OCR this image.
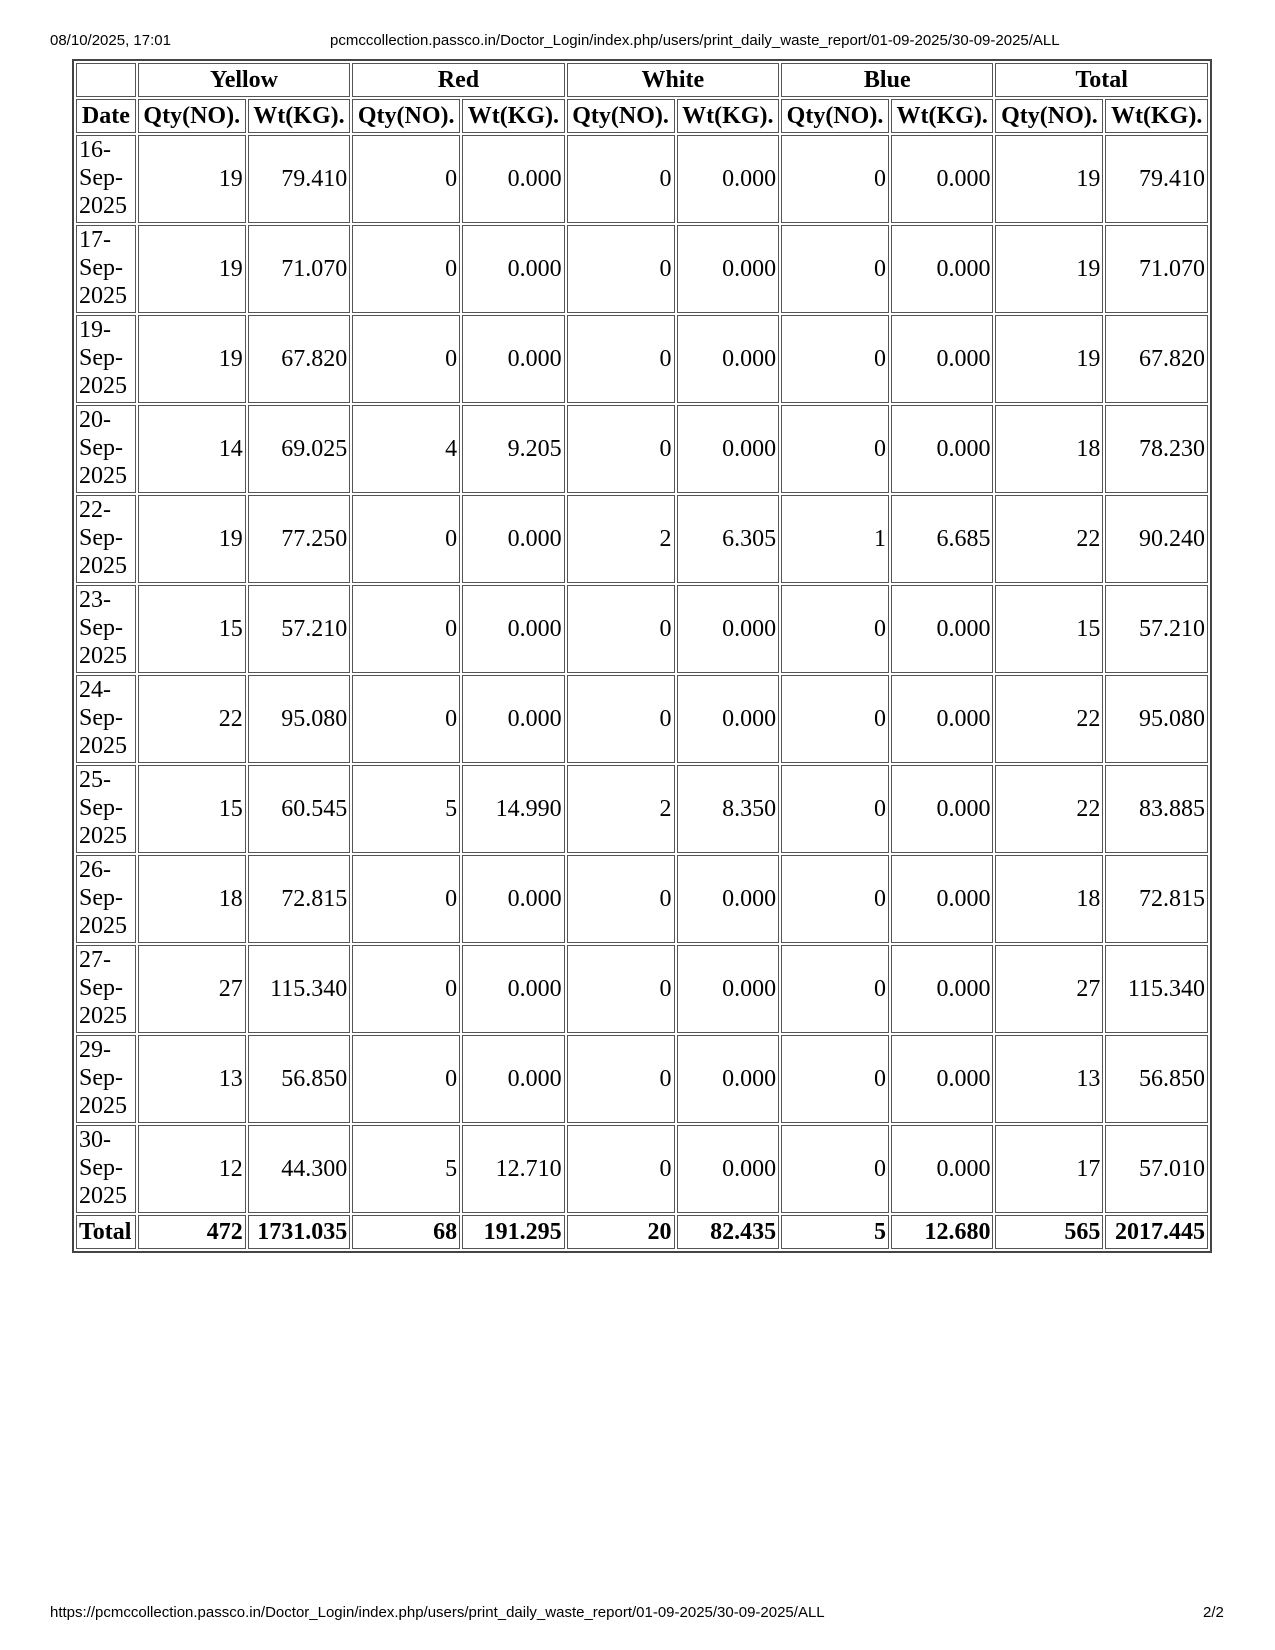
08/10/2025, 17:01	pcmccollection.passco.in/Doctor_Login/index.php/users/print_daily_waste_report/01-09-2025/30-09-2025/ALL
	Yellow		Red		White		Blue		Total	
Date	Qty(NO).	Wt(KG).	Qty(NO).	Wt(KG).	Qty(NO).	Wt(KG).	Qty(NO).	Wt(KG).	Qty(NO).	Wt(KG).

16-
Sep-
2025	19	79.410	0	0.000	0	0.000	0	0.000	19	79.410

17-
Sep-
2025	19	71.070	0	0.000	0	0.000	0	0.000	19	71.070

19-
Sep-
2025	19	67.820	0	0.000	0	0.000	0	0.000	19	67.820

20-
Sep-
2025	14	69.025	4	9.205	0	0.000	0	0.000	18	78.230

22-
Sep-
2025	19	77.250	0	0.000	2	6.305	1	6.685	22	90.240

23-
Sep-
2025	15	57.210	0	0.000	0	0.000	0	0.000	15	57.210

24-
Sep-
2025	22	95.080	0	0.000	0	0.000	0	0.000	22	95.080

25-
Sep-
2025	15	60.545	5	14.990	2	8.350	0	0.000	22	83.885

26-
Sep-
2025	18	72.815	0	0.000	0	0.000	0	0.000	18	72.815

27-
Sep-
2025	27	115.340	0	0.000	0	0.000	0	0.000	27	115.340

29-
Sep-
2025	13	56.850	0	0.000	0	0.000	0	0.000	13	56.850

30-
Sep-
2025	12	44.300	5	12.710	0	0.000	0	0.000	17	57.010
Total	472	1731.035	68	191.295	20	82.435	5	12.680	565	2017.445
https://pcmccollection.passco.in/Doctor_Login/index.php/users/print_daily_waste_report/01-09-2025/30-09-2025/ALL	2/2
